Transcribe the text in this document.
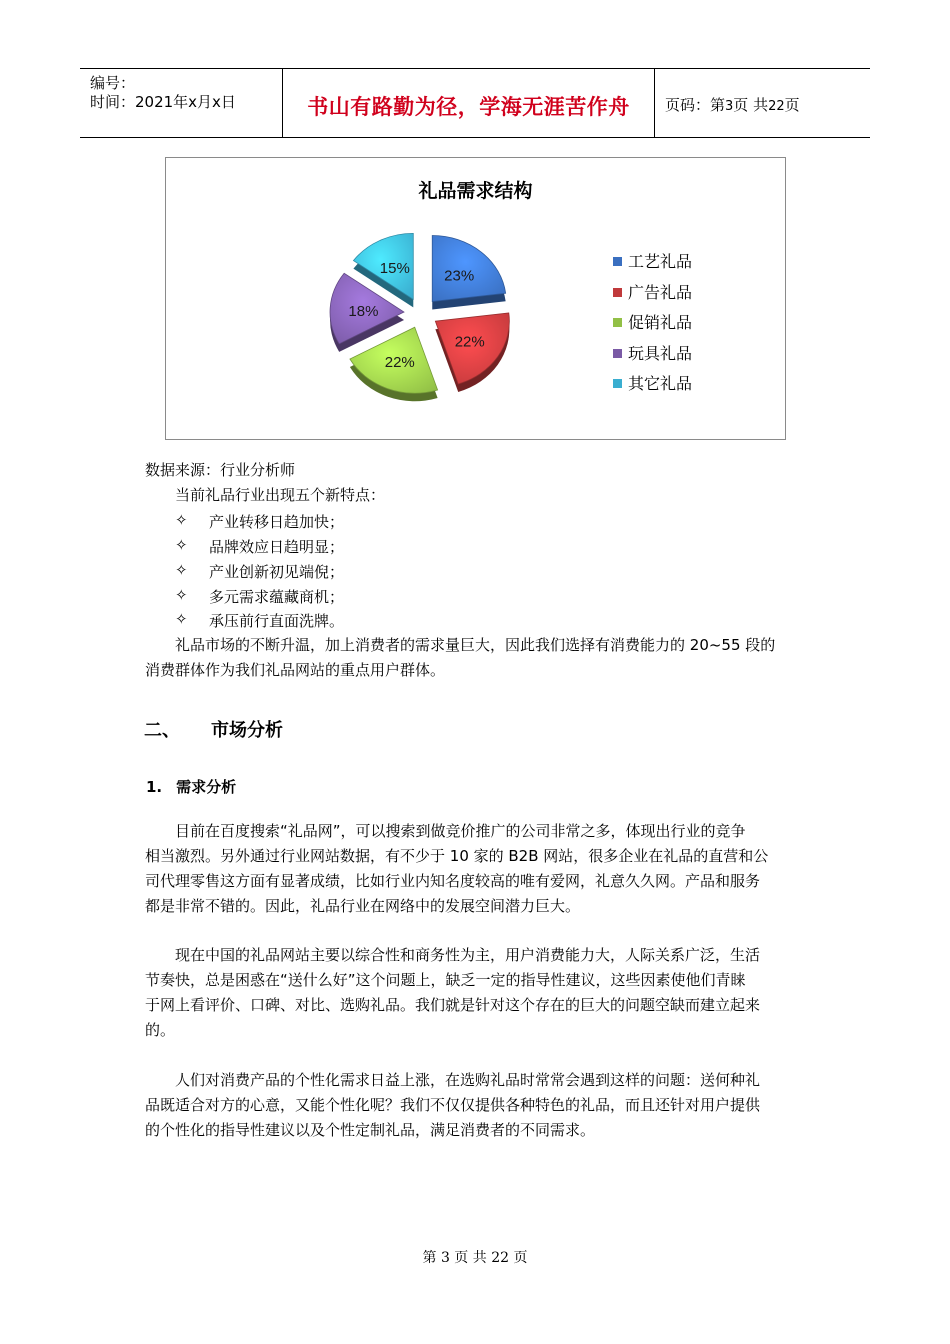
编号：
时间：2021年x月x日	书山有路勤为径，学海无涯苦作舟	页码：第3页 共22页
礼品需求结构
23%
22%
22%
18%
15%	工艺礼品
广告礼品
促销礼品
玩具礼品
其它礼品
数据来源：行业分析师
当前礼品行业出现五个新特点：
✧ 产业转移日趋加快；
✧ 品牌效应日趋明显；
✧ 产业创新初见端倪；
✧ 多元需求蕴藏商机；
✧ 承压前行直面洗牌。
礼品市场的不断升温，加上消费者的需求量巨大，因此我们选择有消费能力的 20~55 段的
消费群体作为我们礼品网站的重点用户群体。
二、 市场分析
1. 需求分析
目前在百度搜索“礼品网”，可以搜索到做竞价推广的公司非常之多，体现出行业的竞争
相当激烈。另外通过行业网站数据，有不少于 10 家的 B2B 网站，很多企业在礼品的直营和公
司代理零售这方面有显著成绩，比如行业内知名度较高的唯有爱网，礼意久久网。产品和服务
都是非常不错的。因此，礼品行业在网络中的发展空间潜力巨大。
现在中国的礼品网站主要以综合性和商务性为主，用户消费能力大，人际关系广泛，生活
节奏快，总是困惑在“送什么好”这个问题上，缺乏一定的指导性建议，这些因素使他们青睐
于网上看评价、口碑、对比、选购礼品。我们就是针对这个存在的巨大的问题空缺而建立起来
的。
人们对消费产品的个性化需求日益上涨，在选购礼品时常常会遇到这样的问题：送何种礼
品既适合对方的心意，又能个性化呢？我们不仅仅提供各种特色的礼品，而且还针对用户提供
的个性化的指导性建议以及个性定制礼品，满足消费者的不同需求。
第 3 页 共 22 页
